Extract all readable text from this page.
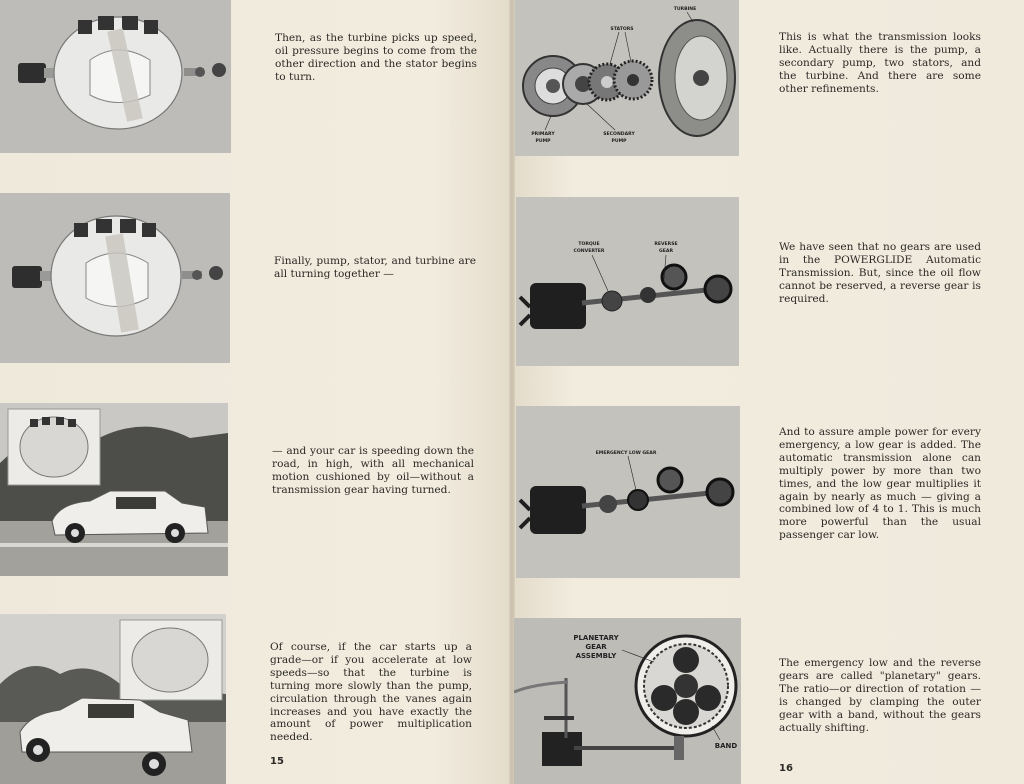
Then, as the turbine picks up speed, oil pressure begins to come from the other direction and the stator begins to turn.

Finally, pump, stator, and turbine are all turning together —

— and your car is speeding down the road, in high, with all mechanical motion cushioned by oil—without a transmission gear having turned.

Of course, if the car starts up a grade—or if you accelerate at low speeds—so that the turbine is turning more slowly than the pump, circulation through the vanes again increases and you have exactly the amount of power multiplication needed.

15
TURBINE
STATORS
PRIMARY
PUMP
SECONDARY
PUMP
TORQUE
CONVERTER
REVERSE
GEAR
EMERGENCY LOW GEAR
PLANETARY
GEAR
ASSEMBLY
BAND

This is what the transmission looks like. Actually there is the pump, a secondary pump, two stators, and the turbine. And there are some other refinements.

We have seen that no gears are used in the POWERGLIDE Automatic Transmission. But, since the oil flow cannot be reserved, a reverse gear is required.

And to assure ample power for every emergency, a low gear is added. The automatic transmission alone can multiply power by more than two times, and the low gear multiplies it again by nearly as much — giving a combined low of 4 to 1. This is much more powerful than the usual passenger car low.

The emergency low and the reverse gears are called "planetary" gears. The ratio—or direction of rotation —is changed by clamping the outer gear with a band, without the gears actually shifting.

16
